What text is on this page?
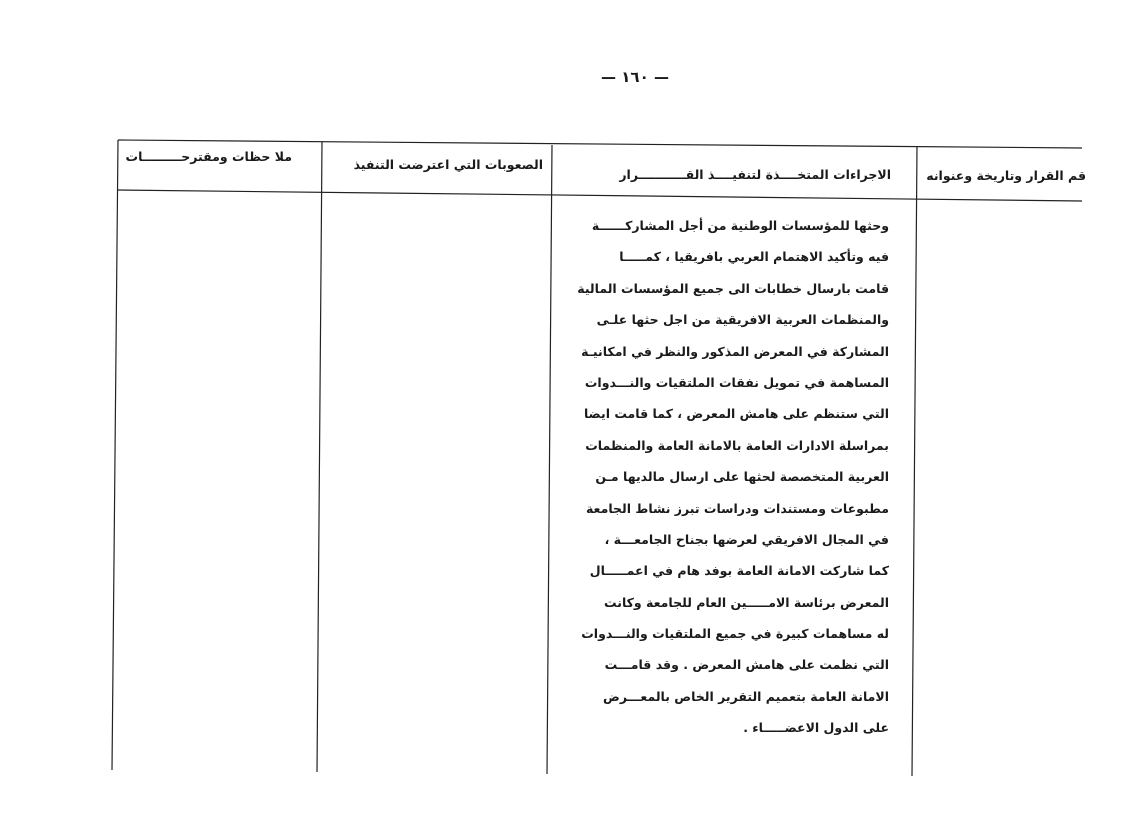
— ١٦٠ —
قم القرار وتاريخة وعنوانه
الاجراءات المتخــــذة لتنفيــــذ القـــــــــــرار
الصعوبات التي اعترضت التنفيذ
ملا حظات ومقترحـــــــــات
وحثها للمؤسسات الوطنية من أجل المشاركــــــة
فيه وتأكيد الاهتمام العربي بافريقيا ، كمـــــا
قامت بارسال خطابات الى جميع المؤسسات المالية
والمنظمات العربية الافريقية من اجل حثها علـى
المشاركة في المعرض المذكور والنظر في امكانيـة
المساهمة في تمويل نفقات الملتقيات والنـــدوات
التي ستنظم على هامش المعرض ، كما قامت ايضا
بمراسلة الادارات العامة بالامانة العامة والمنظمات
العربية المتخصصة لحثها على ارسال مالديها مـن
مطبوعات ومستندات ودراسات تبرز نشاط الجامعة
في المجال الافريقي لعرضها بجناح الجامعـــة ،
كما شاركت الامانة العامة بوفد هام في اعمـــــال
المعرض برئاسة الامـــــين العام للجامعة وكانت
له مساهمات كبيرة في جميع الملتقيات والنـــدوات
التي نظمت على هامش المعرض . وقد قامـــت
الامانة العامة بتعميم التقرير الخاص بالمعـــرض
على الدول الاعضـــــاء .
